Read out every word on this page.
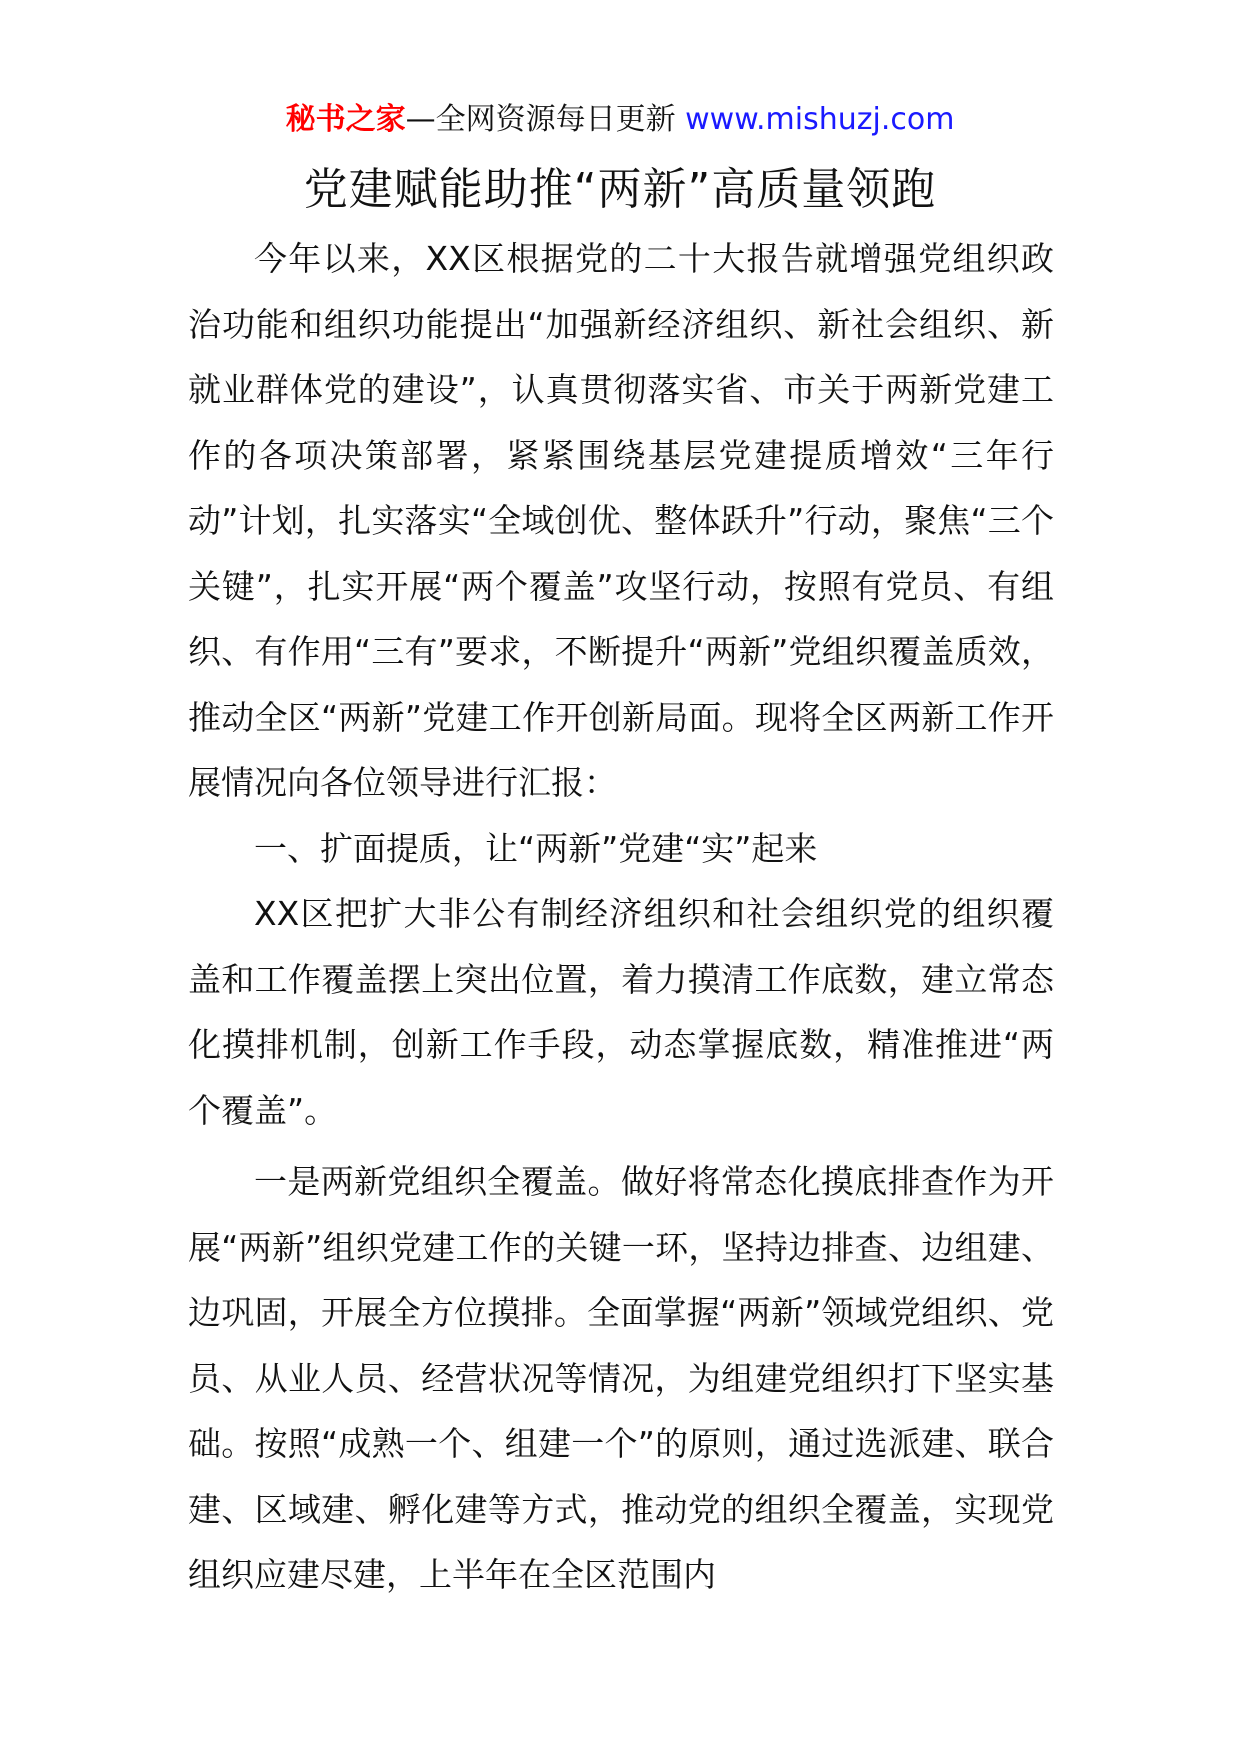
秘书之家—全网资源每日更新 www.mishuzj.com
党建赋能助推“两新”高质量领跑

今年以来，XX区根据党的二十大报告就增强党组织政治功能和组织功能提出“加强新经济组织、新社会组织、新就业群体党的建设”，认真贯彻落实省、市关于两新党建工作的各项决策部署，紧紧围绕基层党建提质增效“三年行动”计划，扎实落实“全域创优、整体跃升”行动，聚焦“三个关键”，扎实开展“两个覆盖”攻坚行动，按照有党员、有组织、有作用“三有”要求，不断提升“两新”党组织覆盖质效，推动全区“两新”党建工作开创新局面。现将全区两新工作开展情况向各位领导进行汇报：

一、扩面提质，让“两新”党建“实”起来

XX区把扩大非公有制经济组织和社会组织党的组织覆盖和工作覆盖摆上突出位置，着力摸清工作底数，建立常态化摸排机制，创新工作手段，动态掌握底数，精准推进“两个覆盖”。

一是两新党组织全覆盖。做好将常态化摸底排查作为开展“两新”组织党建工作的关键一环，坚持边排查、边组建、边巩固，开展全方位摸排。全面掌握“两新”领域党组织、党员、从业人员、经营状况等情况，为组建党组织打下坚实基础。按照“成熟一个、组建一个”的原则，通过选派建、联合建、区域建、孵化建等方式，推动党的组织全覆盖，实现党组织应建尽建，上半年在全区范围内
